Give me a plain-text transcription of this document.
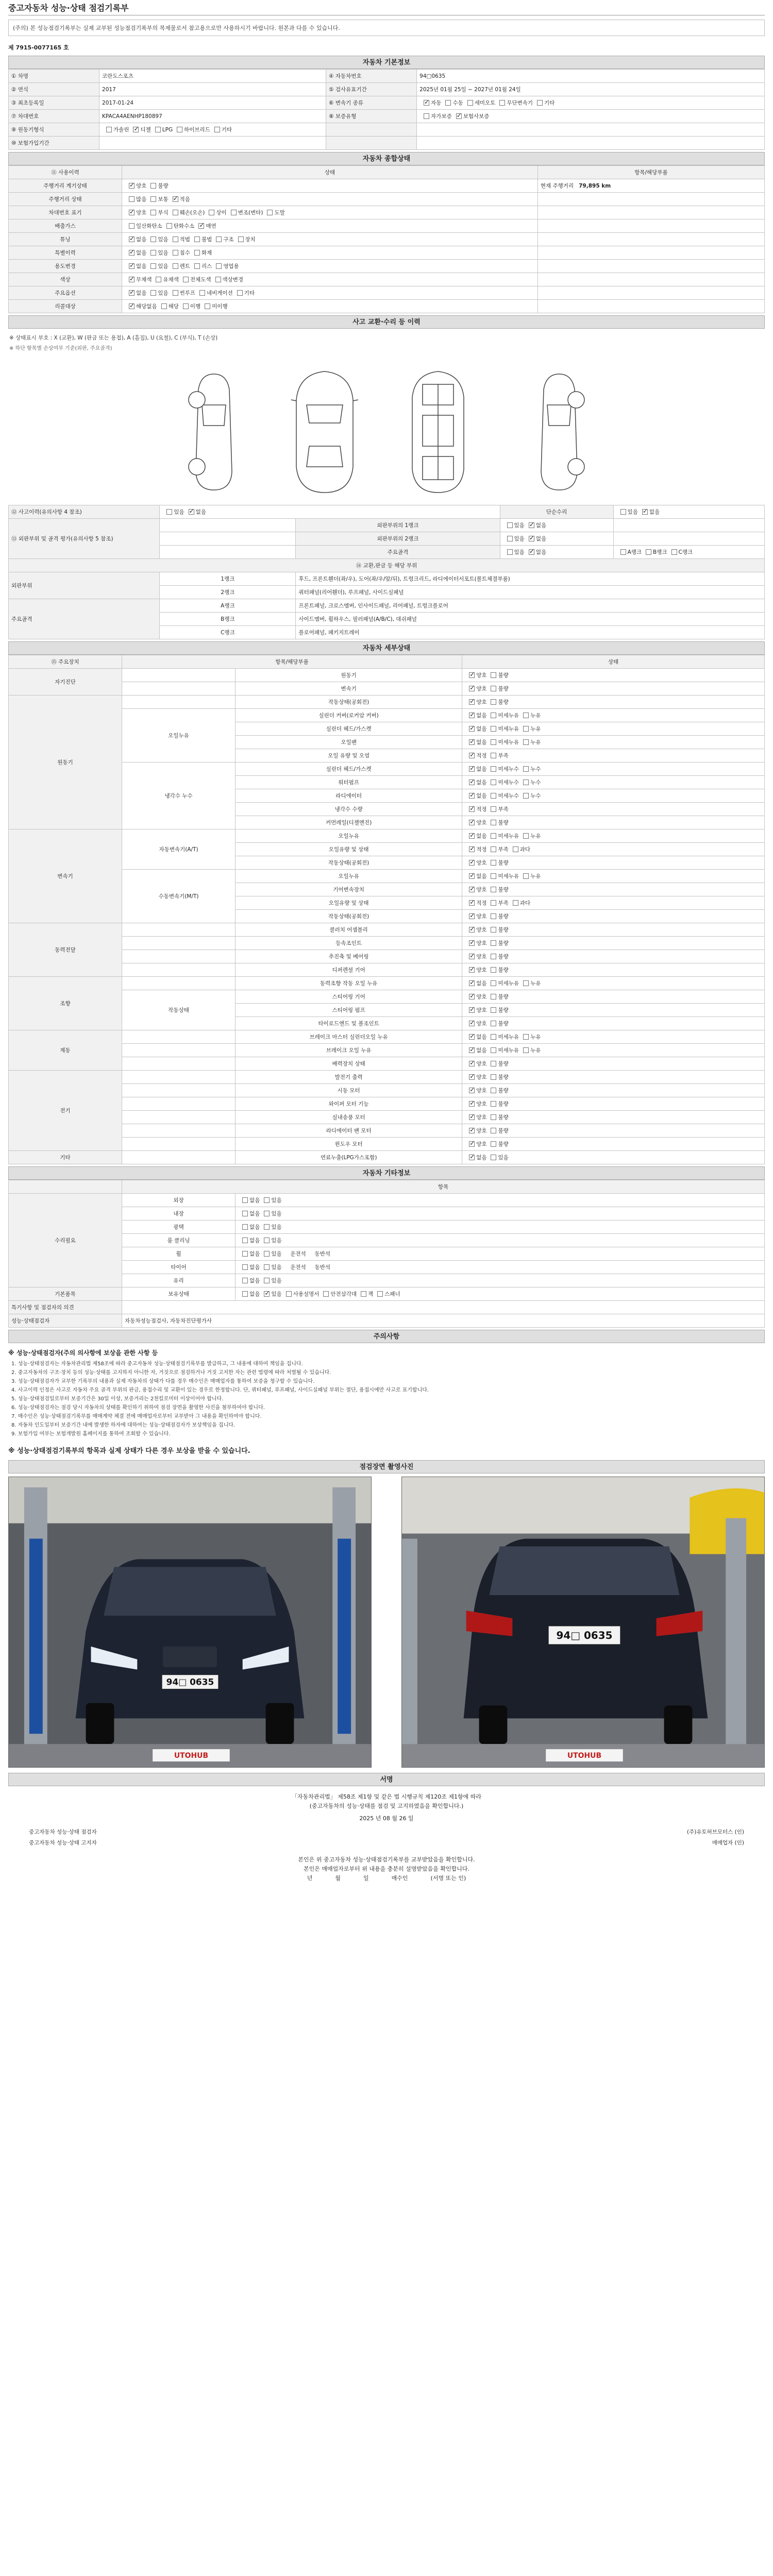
중고자동차 성능·상태 점검기록부
(주의) 본 성능점검기록부는 실제 교부된 성능점검기록부의 복제물로서 참고용으로만 사용하시기 바랍니다. 원본과 다를 수 있습니다.
제 7915-0077165 호
자동차 기본정보
① 차명	코란도스포츠	④ 자동차번호	94□0635
② 연식	2017	⑤ 검사유효기간	2025년 01월 25일 ~ 2027년 01월 24일
③ 최초등록일	2017-01-24	⑥ 변속기 종류	✓자동 수동 세미오토 무단변속기 기타
⑦ 차대번호	KPACA4AENHP180897	⑧ 보증유형	자가보증 ✓ 보험사보증
⑨ 원동기형식	가솔린 ✓ 디젤 LPG 하이브리드 기타		
⑩ 보험가입기간			
자동차 종합상태
⑪ 사용이력	상태	항목/해당부품
주행거리 계기상태	✓양호 불량	현재 주행거리   79,895 km
주행거리 상태	많음 보통 ✓ 적음	
차대번호 표기	✓양호 부식 훼손(오손) 상이 변조(변타) 도말	
배출가스	일산화탄소 탄화수소 ✓ 매연	
튜닝	✓없음 있음 적법 불법 구조 장치	
특별이력	✓없음 있음 침수 화재	
용도변경	✓없음 있음 렌트 리스 영업용	
색상	✓무채색 유채색 전체도색 색상변경	
주요옵션	✓없음 있음 썬루프 네비게이션 기타	
리콜대상	✓해당없음 해당 이행 미이행	
사고 교환·수리 등 이력
※ 상태표시 부호 : X (교환), W (판금 또는 용접), A (흠집), U (요철), C (부식), T (손상)
※ 하단 항목별 손상여부 기준(외판, 주요골격)
⑫ 사고이력(유의사항 4 참조)	있음 ✓ 없음		단순수리	있음 ✓ 없음
⑬ 외판부위 및 골격 평가(유의사항 5 참조)		외판부위의 1랭크	있음 ✓ 없음	
		외판부위의 2랭크	있음 ✓ 없음	
		주요골격	있음 ✓ 없음	A랭크 B랭크 C랭크
⑭ 교환,판금 등 해당 부위				
외판부위	1랭크	후드, 프론트휀더(좌/우), 도어(좌/우/앞/뒤), 트렁크리드, 라디에이터서포트(볼트체결부품)		
	2랭크	쿼터패널(리어휀더), 루프패널, 사이드실패널		
주요골격	A랭크	프론트패널, 크로스멤버, 인사이드패널, 리어패널, 트렁크플로어		
	B랭크	사이드멤버, 휠하우스, 필러패널(A/B/C), 대쉬패널		
	C랭크	플로어패널, 패키지트레이		
자동차 세부상태
⑮ 주요장치	항목/해당부품		상태
자기진단		원동기	✓양호 불량
		변속기	✓양호 불량
원동기		작동상태(공회전)	✓양호 불량
	오일누유	실린더 커버(로커암 커버)	✓없음 미세누유 누유
		실린더 헤드/가스켓	✓없음 미세누유 누유
		오일팬	✓없음 미세누유 누유
		오일 유량 및 오염	✓적정 부족
	냉각수 누수	실린더 헤드/가스켓	✓없음 미세누수 누수
		워터펌프	✓없음 미세누수 누수
		라디에이터	✓없음 미세누수 누수
		냉각수 수량	✓적정 부족
		커먼레일(디젤엔진)	✓양호 불량
변속기	자동변속기(A/T)	오일누유	✓없음 미세누유 누유
		오일유량 및 상태	✓적정 부족 과다
		작동상태(공회전)	✓양호 불량
	수동변속기(M/T)	오일누유	✓없음 미세누유 누유
		기어변속장치	✓양호 불량
		오일유량 및 상태	✓적정 부족 과다
		작동상태(공회전)	✓양호 불량
동력전달		클러치 어셈블리	✓양호 불량
		등속조인트	✓양호 불량
		추진축 및 베어링	✓양호 불량
		디퍼렌셜 기어	✓양호 불량
조향		동력조향 작동 오일 누유	✓없음 미세누유 누유
	작동상태	스티어링 기어	✓양호 불량
		스티어링 펌프	✓양호 불량
		타이로드엔드 및 볼조인트	✓양호 불량
제동		브레이크 마스터 실린더오일 누유	✓없음 미세누유 누유
		브레이크 오일 누유	✓없음 미세누유 누유
		배력장치 상태	✓양호 불량
전기		발전기 출력	✓양호 불량
		시동 모터	✓양호 불량
		와이퍼 모터 기능	✓양호 불량
		실내송풍 모터	✓양호 불량
		라디에이터 팬 모터	✓양호 불량
		윈도우 모터	✓양호 불량
기타		연료누출(LPG가스포함)	✓없음 있음
자동차 기타정보
	항목	
수리필요	외장	없음 있음
	내장	없음 있음
	광택	없음 있음
	룸 클리닝	없음 있음
	휠	없음 있음 운전석 동반석
	타이어	없음 있음 운전석 동반석
	유리	없음 있음
기본품목	보유상태	없음 ✓ 있음 사용설명서 안전삼각대 잭 스패너
특기사항 및 점검자의 의견		
성능·상태점검자	자동차성능점검사, 자동차진단평가사	
주의사항
※ 성능·상태점검자(주의 의사항에 보상을 관한 사항 등
1. 성능·상태점검자는 자동차관리법 제58조에 따라 중고자동차 성능·상태점검기록부를 발급하고, 그 내용에 대하여 책임을 집니다.
2. 중고자동차의 구조·장치 등의 성능·상태를 고지하지 아니한 자, 거짓으로 점검하거나 거짓 고지한 자는 관련 법령에 따라 처벌될 수 있습니다.
3. 성능·상태점검자가 교부한 기록부의 내용과 실제 자동차의 상태가 다를 경우 매수인은 매매업자를 통하여 보증을 청구할 수 있습니다.
4. 사고이력 인정은 사고로 자동차 주요 골격 부위의 판금, 용접수리 및 교환이 있는 경우로 한정합니다. 단, 쿼터패널, 루프패널, 사이드실패널 부위는 절단, 용접시에만 사고로 표기합니다.
5. 성능·상태점검일로부터 보증기간은 30일 이상, 보증거리는 2천킬로미터 이상이어야 합니다.
6. 성능·상태점검자는 점검 당시 자동차의 상태를 확인하기 위하여 점검 장면을 촬영한 사진을 첨부하여야 합니다.
7. 매수인은 성능·상태점검기록부를 매매계약 체결 전에 매매업자로부터 교부받아 그 내용을 확인하여야 합니다.
8. 자동차 인도일부터 보증기간 내에 발생한 하자에 대하여는 성능·상태점검자가 보상책임을 집니다.
9. 보험가입 여부는 보험개발원 홈페이지를 통하여 조회할 수 있습니다.
※ 성능·상태점검기록부의 항목과 실제 상태가 다른 경우 보상을 받을 수 있습니다.
점검장면 촬영사진
94□ 0635
UTOHUB
94□ 0635
UTOHUB
서명
「자동차관리법」 제58조 제1항 및 같은 법 시행규칙 제120조 제1항에 따라
(중고자동차의 성능·상태를 점검 및 고지하였음을 확인합니다.)
2025 년 08 월 26 일
중고자동차 성능·상태 점검자	(주)유토허브모터스 (인)
중고자동차 성능·상태 고지자	매매업자 (인)
본인은 위 중고자동차 성능·상태점검기록부를 교부받았음을 확인합니다.
본인은 매매업자로부터 위 내용을 충분히 설명받았음을 확인합니다.
년	월	일	매수인	(서명 또는 인)
